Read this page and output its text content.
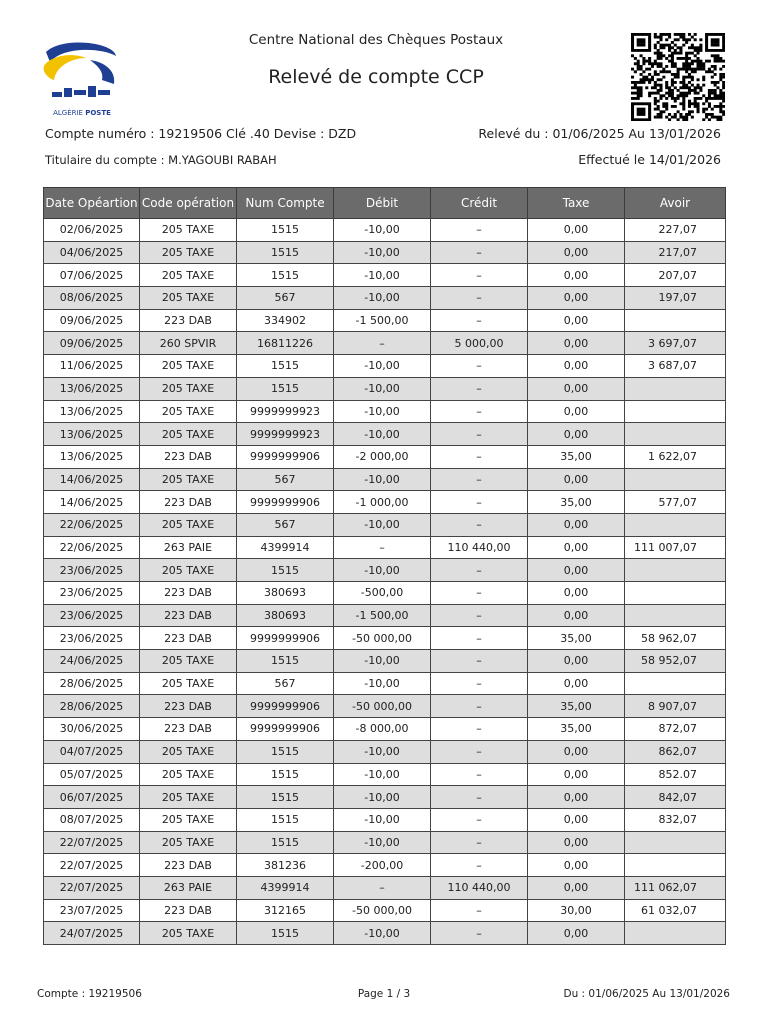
ALGÉRIE POSTE
Centre National des Chèques Postaux
Relevé de compte CCP
Compte numéro : 19219506 Clé .40 Devise : DZD	Relevé du : 01/06/2025 Au 13/01/2026
Titulaire du compte : M.YAGOUBI RABAH	Effectué le 14/01/2026
Date Opéartion	Code opération	Num Compte	Débit	Crédit	Taxe	Avoir
02/06/2025	205 TAXE	1515	-10,00	–	0,00	227,07
04/06/2025	205 TAXE	1515	-10,00	–	0,00	217,07
07/06/2025	205 TAXE	1515	-10,00	–	0,00	207,07
08/06/2025	205 TAXE	567	-10,00	–	0,00	197,07
09/06/2025	223 DAB	334902	-1 500,00	–	0,00	
09/06/2025	260 SPVIR	16811226	–	5 000,00	0,00	3 697,07
11/06/2025	205 TAXE	1515	-10,00	–	0,00	3 687,07
13/06/2025	205 TAXE	1515	-10,00	–	0,00	
13/06/2025	205 TAXE	9999999923	-10,00	–	0,00	
13/06/2025	205 TAXE	9999999923	-10,00	–	0,00	
13/06/2025	223 DAB	9999999906	-2 000,00	–	35,00	1 622,07
14/06/2025	205 TAXE	567	-10,00	–	0,00	
14/06/2025	223 DAB	9999999906	-1 000,00	–	35,00	577,07
22/06/2025	205 TAXE	567	-10,00	–	0,00	
22/06/2025	263 PAIE	4399914	–	110 440,00	0,00	111 007,07
23/06/2025	205 TAXE	1515	-10,00	–	0,00	
23/06/2025	223 DAB	380693	-500,00	–	0,00	
23/06/2025	223 DAB	380693	-1 500,00	–	0,00	
23/06/2025	223 DAB	9999999906	-50 000,00	–	35,00	58 962,07
24/06/2025	205 TAXE	1515	-10,00	–	0,00	58 952,07
28/06/2025	205 TAXE	567	-10,00	–	0,00	
28/06/2025	223 DAB	9999999906	-50 000,00	–	35,00	8 907,07
30/06/2025	223 DAB	9999999906	-8 000,00	–	35,00	872,07
04/07/2025	205 TAXE	1515	-10,00	–	0,00	862,07
05/07/2025	205 TAXE	1515	-10,00	–	0,00	852.07
06/07/2025	205 TAXE	1515	-10,00	–	0,00	842,07
08/07/2025	205 TAXE	1515	-10,00	–	0,00	832,07
22/07/2025	205 TAXE	1515	-10,00	–	0,00	
22/07/2025	223 DAB	381236	-200,00	–	0,00	
22/07/2025	263 PAIE	4399914	–	110 440,00	0,00	111 062,07
23/07/2025	223 DAB	312165	-50 000,00	–	30,00	61 032,07
24/07/2025	205 TAXE	1515	-10,00	–	0,00	
Compte : 19219506	Page 1 / 3	Du : 01/06/2025 Au 13/01/2026
